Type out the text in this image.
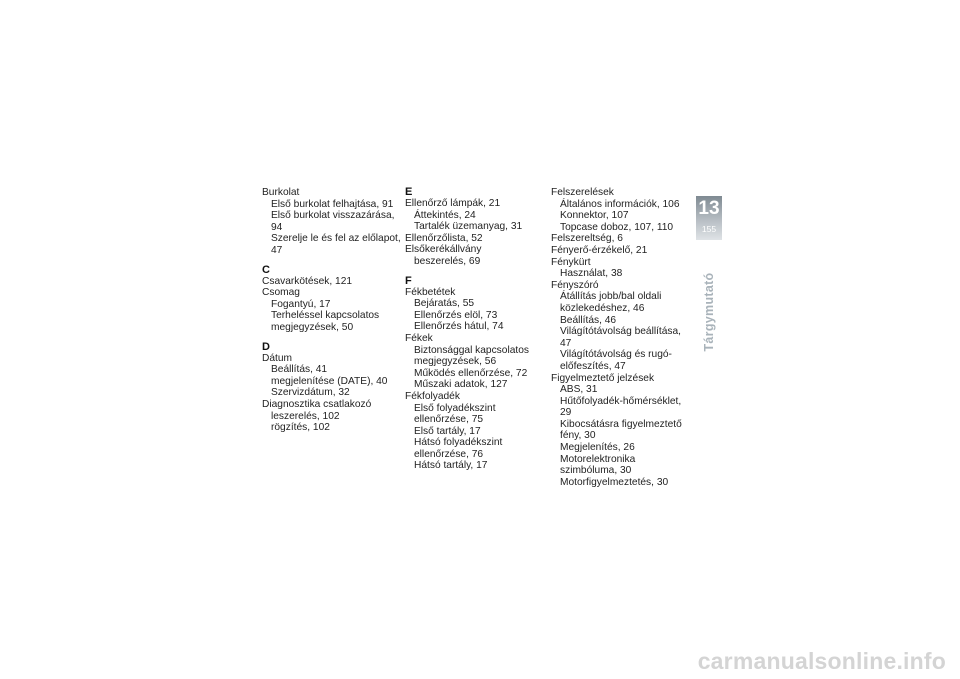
Burkolat
Első burkolat felhajtása, 91
Első burkolat visszazárása, 94
Szerelje le és fel az előlapot, 47
C
Csavarkötések, 121
Csomag
Fogantyú, 17
Terheléssel kapcsolatos megjegyzések, 50
D
Dátum
Beállítás, 41
megjelenítése (DATE), 40
Szervizdátum, 32
Diagnosztika csatlakozó
leszerelés, 102
rögzítés, 102
E
Ellenőrző lámpák, 21
Áttekintés, 24
Tartalék üzemanyag, 31
Ellenőrzőlista, 52
Elsőkerékállvány
beszerelés, 69
F
Fékbetétek
Bejáratás, 55
Ellenőrzés elöl, 73
Ellenőrzés hátul, 74
Fékek
Biztonsággal kapcsolatos megjegyzések, 56
Működés ellenőrzése, 72
Műszaki adatok, 127
Fékfolyadék
Első folyadékszint ellenőrzése, 75
Első tartály, 17
Hátsó folyadékszint ellenőrzése, 76
Hátsó tartály, 17
Felszerelések
Általános információk, 106
Konnektor, 107
Topcase doboz, 107, 110
Felszereltség, 6
Fényerő-érzékelő, 21
Fénykürt
Használat, 38
Fényszóró
Átállítás jobb/bal oldali közlekedéshez, 46
Beállítás, 46
Világítótávolság beállítása, 47
Világítótávolság és rugó-előfeszítés, 47
Figyelmeztető jelzések
ABS, 31
Hűtőfolyadék-hőmérséklet, 29
Kibocsátásra figyelmeztető fény, 30
Megjelenítés, 26
Motorelektronika szimbóluma, 30
Motorfigyelmeztetés, 30
13
155
Tárgymutató
carmanualsonline.info
